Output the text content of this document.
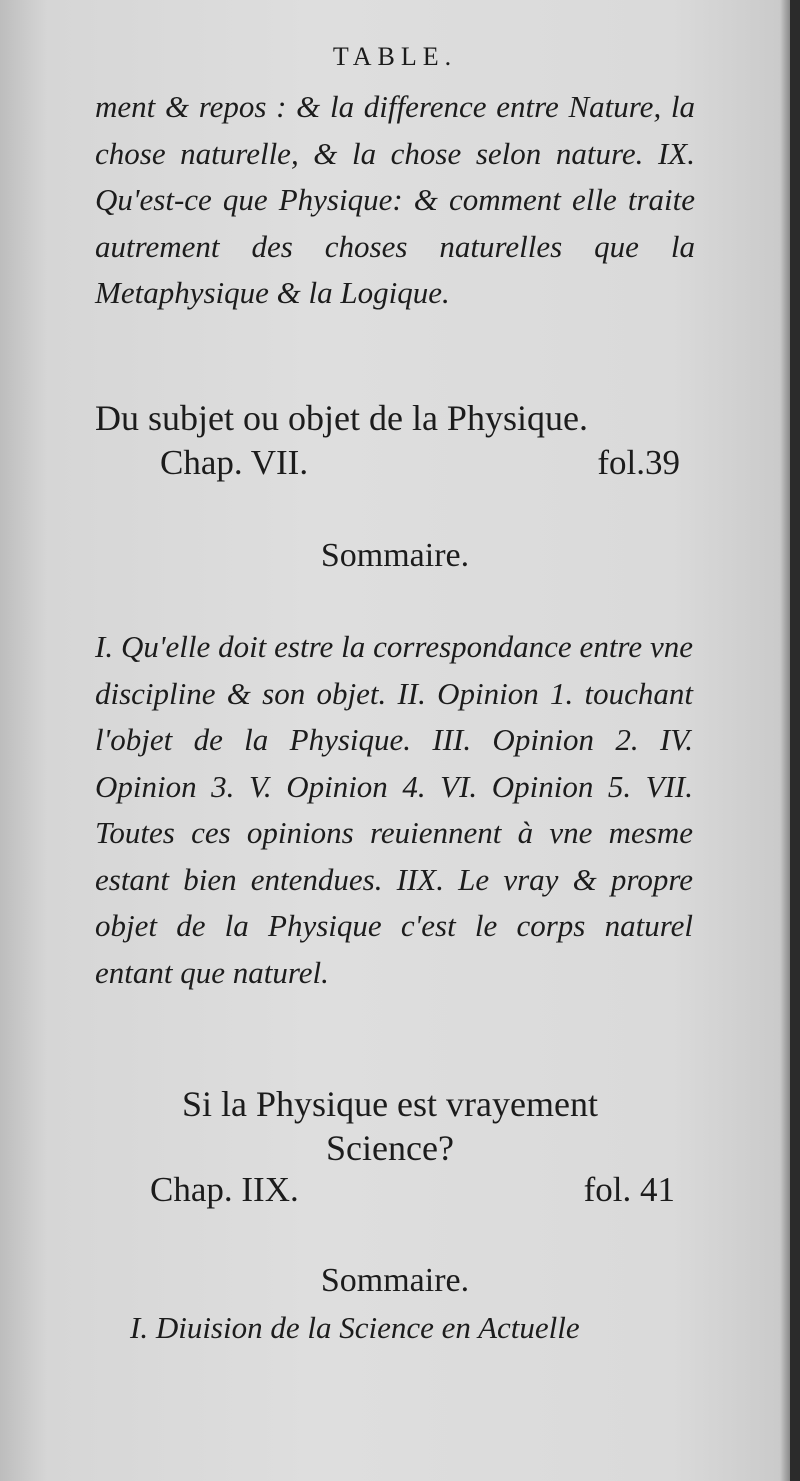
TABLE.
ment & repos : & la difference entre Nature, la chose naturelle, & la chose selon nature. IX. Qu'est-ce que Physique: & comment elle traite autrement des choses naturelles que la Metaphysique & la Logique.
Du subjet ou objet de la Physique.
Chap. VII.	fol.39
Sommaire.
I. Qu'elle doit estre la correspondance entre vne discipline & son objet. II. Opinion 1. touchant l'objet de la Physique. III. Opinion 2. IV. Opinion 3. V. Opinion 4. VI. Opinion 5. VII. Toutes ces opinions reuiennent à vne mesme estant bien entendues. IIX. Le vray & propre objet de la Physique c'est le corps naturel entant que naturel.
Si la Physique est vrayement
Science?
Chap. IIX.	fol. 41
Sommaire.
I. Diuision de la Science en Actuelle
